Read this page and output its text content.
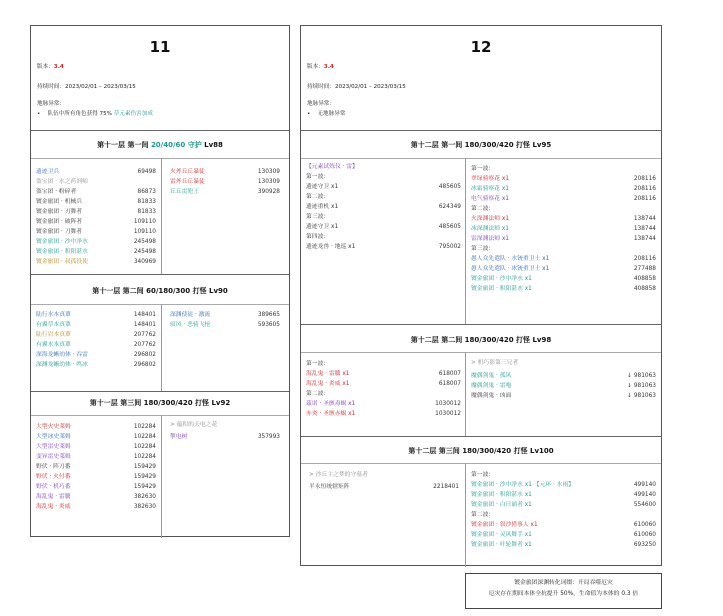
11
版本：3.4
持续时间：2023/02/01 – 2023/03/15
地脉异常：
• 队伍中所有角色获得 75% 草元素伤害加成
第十一层 第一间 20/40/60 守护 Lv88
第十一层 第二间 60/180/300 打怪 Lv90
第十一层 第三间 180/300/420 打怪 Lv92
> 蕴积的天电之花
遗迹卫兵	69498
盗宝团 · 水之药剂师
盗宝团 · 粉碎者	86873
镀金旅团 · 机械兵	81833
镀金旅团 · 刃舞者	81833
镀金旅团 · 破阵者	109110
镀金旅团 · 刀舞者	109110
镀金旅团 · 沙中净水	245498
镀金旅团 · 积阳湛水	245498
镀金旅团 · 叔孤役使	340969
火斧丘丘暴徒	130309
雷斧丘丘暴徒	130309
丘丘雷兜王	390928
陆行水本真蕈	148401
有翼草本真蕈	148401
陆行岩本真蕈	207762
有翼水本真蕈	207762
深海龙蜥幼体 · 吞雷	296802
深渊龙蜥幼体 · 鸣冰	296802
深渊使徒 · 激流	389665
驭风 · 恶骑飞枪	593605
大型火史莱姆	102284
大型冰史莱姆	102284
大型雷史莱姆	102284
变异雷史莱姆	102284
野伏 · 阵刀番	159429
野伏 · 火付番	159429
野伏 · 机巧番	159429
海乱鬼 · 雷騰	382630
海乱鬼 · 炎威	382630
掣电树	357993
12
版本：3.4
持续时间：2023/02/01 – 2023/03/15
地脉异常：
• 无地脉异常
第十二层 第一间 180/300/420 打怪 Lv95
第十二层 第二间 180/300/420 打怪 Lv98
> 机巧影第三兄者
第十二层 第三间 180/300/420 打怪 Lv100
> 沙丘主之梦的守墓者
【元素试炼仪 · 雷】
第一波：
遗迹守卫 x1	485605
第二波：
遗迹重机 x1	624349
第三波：
遗迹守卫 x1	485605
第四波：
遗迹龙兽 · 地巡 x1	795002
第一波：
翠绿骑察花 x1	208116
冰霜骑察花 x1	208116
电气骑察花 x1	208116
第二波：
火深渊法师 x1	138744
冰深渊法师 x1	138744
雷深渊法师 x1	138744
第三波：
愚人众先遣队 · 水铳重卫士 x1	208116
愚人众先遣队 · 冰铳重卫士 x1	277488
镀金旅团 · 沙中净水 x1	408858
镀金旅团 · 积阳湛水 x1	408858
第一波：
海乱鬼 · 雷騰 x1	618007
海乱鬼 · 炎威 x1	618007
第二波：
茲诺 · 圣骸毒蝎 x1	1030012
赤炎 · 圣骸赤蝎 x1	1030012
魔偶剑鬼 · 孤风	↓ 981063
魔偶剑鬼 · 雷咆	↓ 981063
魔偶剑鬼 · 凶面	↓ 981063
半永恒统辖矩阵	2218401
第一波：
镀金旅团 · 沙中净水 x1 【元环 · 水雨】	499140
镀金旅团 · 积阳湛水 x1	499140
镀金旅团 · 白日诵者 x1	554600
第二波：
镀金旅团 · 叙沙猎事人 x1	610060
镀金旅团 · 灵风舞手 x1	610060
镀金旅团 · 叶轮舞者 x1	693250
镀金旅团深渊转化词缀：开局吞噬厄灾
厄灾存在期间本体全抗提升 50%，生命值为本体的 0.3 倍
